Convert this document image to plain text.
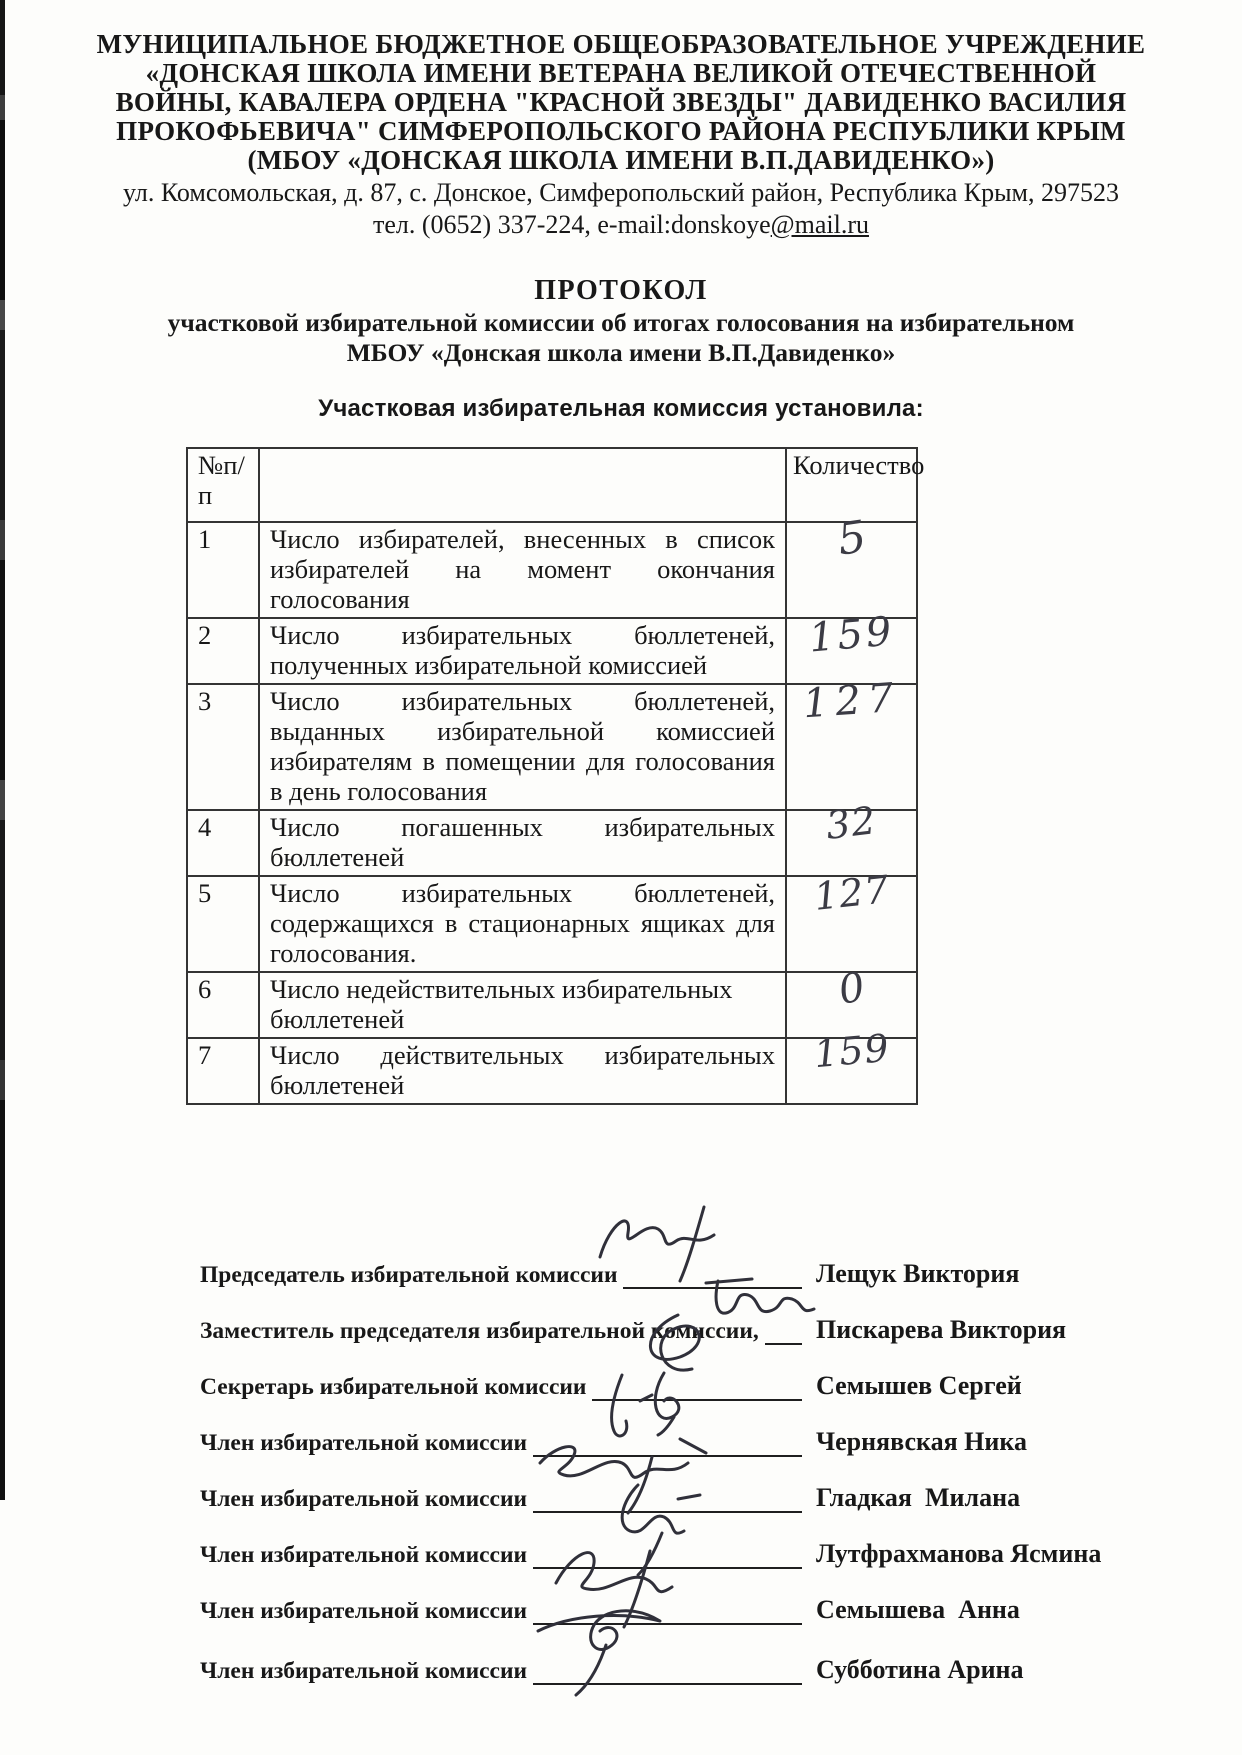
МУНИЦИПАЛЬНОЕ БЮДЖЕТНОЕ ОБЩЕОБРАЗОВАТЕЛЬНОЕ УЧРЕЖДЕНИЕ
«ДОНСКАЯ ШКОЛА ИМЕНИ ВЕТЕРАНА ВЕЛИКОЙ ОТЕЧЕСТВЕННОЙ
ВОЙНЫ, КАВАЛЕРА ОРДЕНА "КРАСНОЙ ЗВЕЗДЫ" ДАВИДЕНКО ВАСИЛИЯ
ПРОКОФЬЕВИЧА" СИМФЕРОПОЛЬСКОГО РАЙОНА РЕСПУБЛИКИ КРЫМ
(МБОУ «ДОНСКАЯ ШКОЛА ИМЕНИ В.П.ДАВИДЕНКО»)
ул. Комсомольская, д. 87, с. Донское, Симферопольский район, Республика Крым, 297523
тел. (0652) 337-224, e-mail:donskoye@mail.ru
ПРОТОКОЛ
участковой избирательной комиссии об итогах голосования на избирательном
МБОУ «Донская школа имени В.П.Давиденко»
Участковая избирательная комиссия установила:
№п/п		Количество
1	Число избирателей, внесенных в список избирателей на момент окончания голосования	5
2	Число избирательных бюллетеней, полученных избирательной комиссией	159
3	Число избирательных бюллетеней, выданных избирательной комиссией избирателям в помещении для голосования в день голосования	127
4	Число погашенных избирательных бюллетеней	32
5	Число избирательных бюллетеней, содержащихся в стационарных ящиках для голосования.	127
6	Число недействительных избирательных бюллетеней	0
7	Число действительных избирательных бюллетеней	159
Председатель избирательной комиссии	Лещук Виктория
Заместитель председателя избирательной комиссии, Пискарева Виктория
Секретарь избирательной комиссии	Семышев Сергей
Член избирательной комиссии	Чернявская Ника
Член избирательной комиссии	Гладкая  Милана
Член избирательной комиссии	Лутфрахманова Ясмина
Член избирательной комиссии	Семышева  Анна
Член избирательной комиссии	Субботина Арина
